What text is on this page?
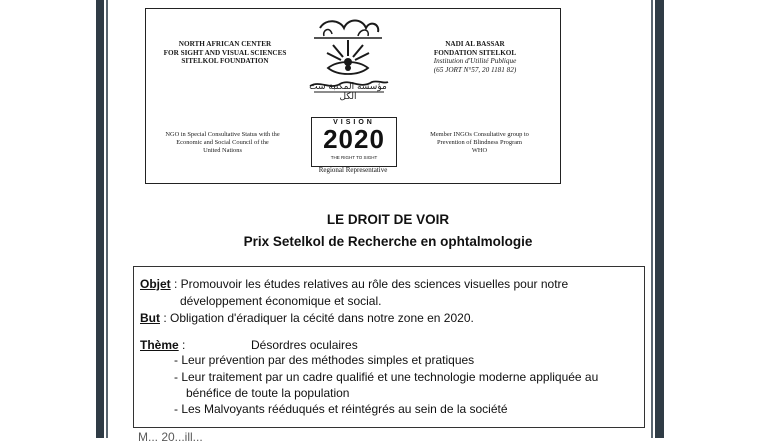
NORTH AFRICAN CENTER
FOR SIGHT AND VISUAL SCIENCES
SITELKOL FOUNDATION
NADI AL BASSAR
FONDATION SITELKOL
Institution d'Utilité Publique
(65 JORT N°57, 20 1181 82)
مؤسسة المكتبة ست الكل
NGO in Special Consultative Status with the
Economic and Social Council of the
United Nations
Member INGOs Consultative group to
Prevention of Blindness Program
WHO
VISION
2020
THE RIGHT TO SIGHT
Regional Representative
LE DROIT DE VOIR
Prix Setelkol de Recherche en ophtalmologie
Objet : Promouvoir les études relatives au rôle des sciences visuelles pour notre
développement économique et social.
But : Obligation d'éradiquer la cécité dans notre zone en 2020.
Thème :	Désordres oculaires
- Leur prévention par des méthodes simples et pratiques
- Leur traitement par un cadre qualifié et une technologie moderne appliquée au
bénéfice de toute la population
- Les Malvoyants rééduqués et réintégrés au sein de la société
M... 20...ill...
